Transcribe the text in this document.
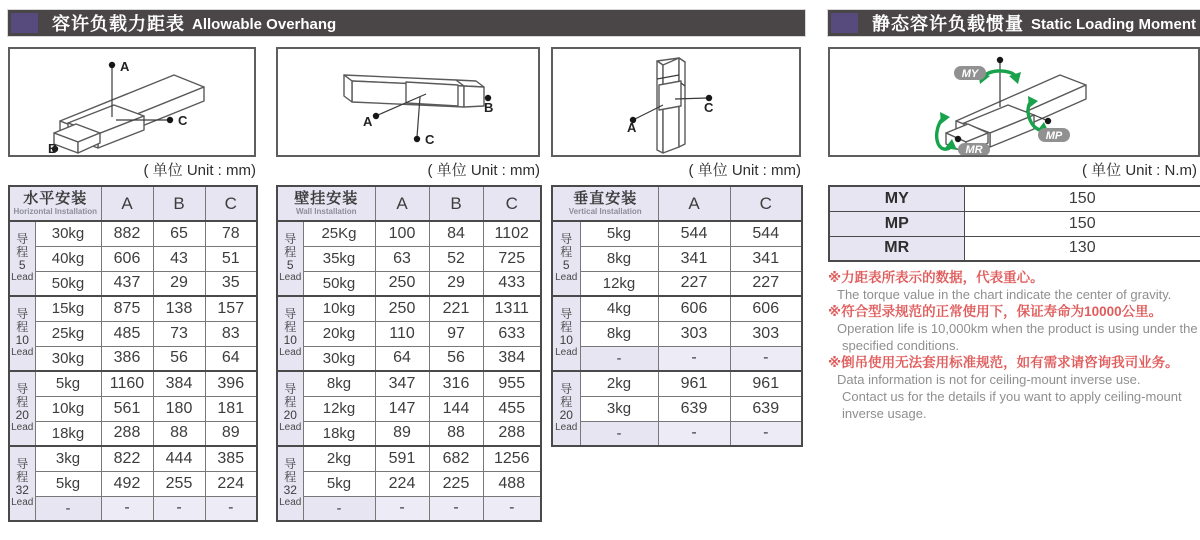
容许负载力距表 Allowable Overhang	静态容许负载惯量 Static Loading Moment
A
B
C	A
C
B
A
C
MY
MP
MR
( 单位 Unit : mm)	( 单位 Unit : mm)	( 单位 Unit : mm)	( 单位 Unit : N.m)
水平安装
Horizontal Installation		A	B	C

导
程
5
Lead	30kg	882	65	78
	40kg	606	43	51
	50kg	437	29	35

导
程
10
Lead	15kg	875	138	157
	25kg	485	73	83
	30kg	386	56	64

导
程
20
Lead	5kg	1160	384	396
	10kg	561	180	181
	18kg	288	88	89

导
程
32
Lead	3kg	822	444	385
	5kg	492	255	224
	-	-	-	-
壁挂安装
Wall Installation		A	B	C

导
程
5
Lead	25Kg	100	84	1102
	35kg	63	52	725
	50kg	250	29	433

导
程
10
Lead	10kg	250	221	1311
	20kg	110	97	633
	30kg	64	56	384

导
程
20
Lead	8kg	347	316	955
	12kg	147	144	455
	18kg	89	88	288

导
程
32
Lead	2kg	591	682	1256
	5kg	224	225	488
	-	-	-	-
垂直安装
Vertical Installation		A	C

导
程
5
Lead	5kg	544	544
	8kg	341	341
	12kg	227	227

导
程
10
Lead	4kg	606	606
	8kg	303	303
	-	-	-

导
程
20
Lead	2kg	961	961
	3kg	639	639
	-	-	-
MY	150
MP	150
MR	130
※力距表所表示的数据，代表重心。
The torque value in the chart indicate the center of gravity.
※符合型录规范的正常使用下，保证寿命为10000公里。
Operation life is 10,000km when the product is using under the
specified conditions.
※倒吊使用无法套用标准规范，如有需求请咨询我司业务。
Data information is not for ceiling-mount inverse use.
Contact us for the details if you want to apply ceiling-mount
inverse usage.
